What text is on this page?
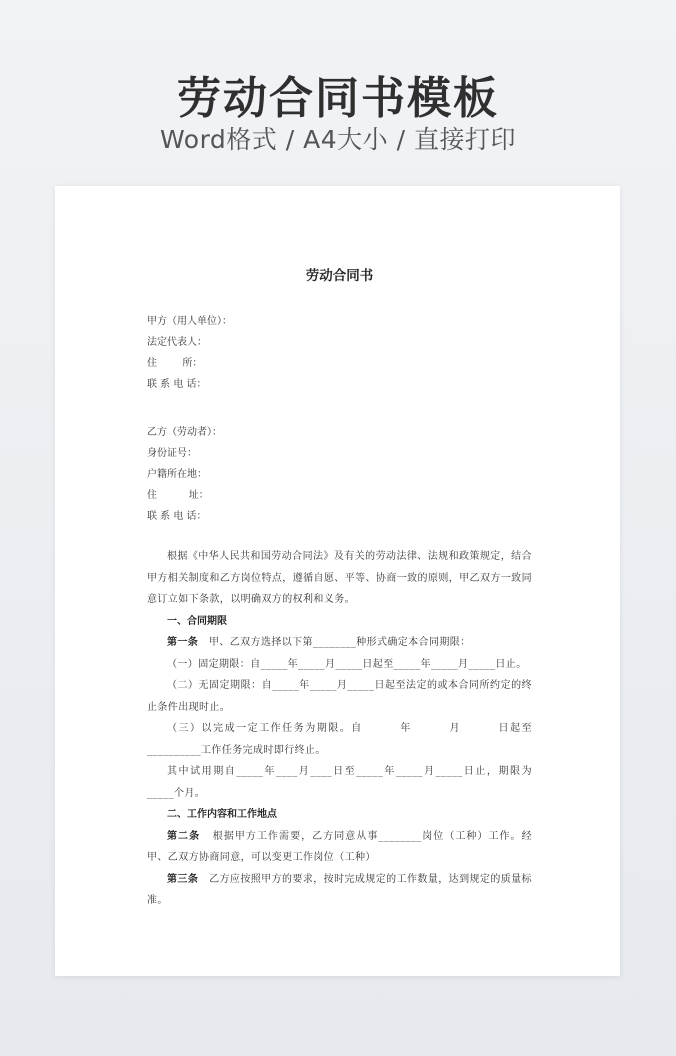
劳动合同书模板
Word格式 / A4大小 / 直接打印
劳动合同书
甲方（用人单位）：
法定代表人：
住        所：
联 系 电 话：
乙方（劳动者）：
身份证号：
户籍所在地：
住          址：
联 系 电 话：

根据《中华人民共和国劳动合同法》及有关的劳动法律、法规和政策规定，结合甲方相关制度和乙方岗位特点，遵循自愿、平等、协商一致的原则，甲乙双方一致同意订立如下条款，以明确双方的权利和义务。

一、合同期限

第一条 甲、乙双方选择以下第________种形式确定本合同期限：

（一）固定期限：自_____年_____月_____日起至_____年_____月_____日止。

（二）无固定期限：自_____年_____月_____日起至法定的或本合同所约定的终止条件出现时止。

（三）以完成一定工作任务为期限。自        年        月        日起至__________工作任务完成时即行终止。

其中试用期自_____年____月____日至_____年_____月_____日止，期限为_____个月。

二、工作内容和工作地点

第二条 根据甲方工作需要，乙方同意从事________岗位（工种）工作。经甲、乙双方协商同意，可以变更工作岗位（工种）

第三条 乙方应按照甲方的要求，按时完成规定的工作数量，达到规定的质量标准。
